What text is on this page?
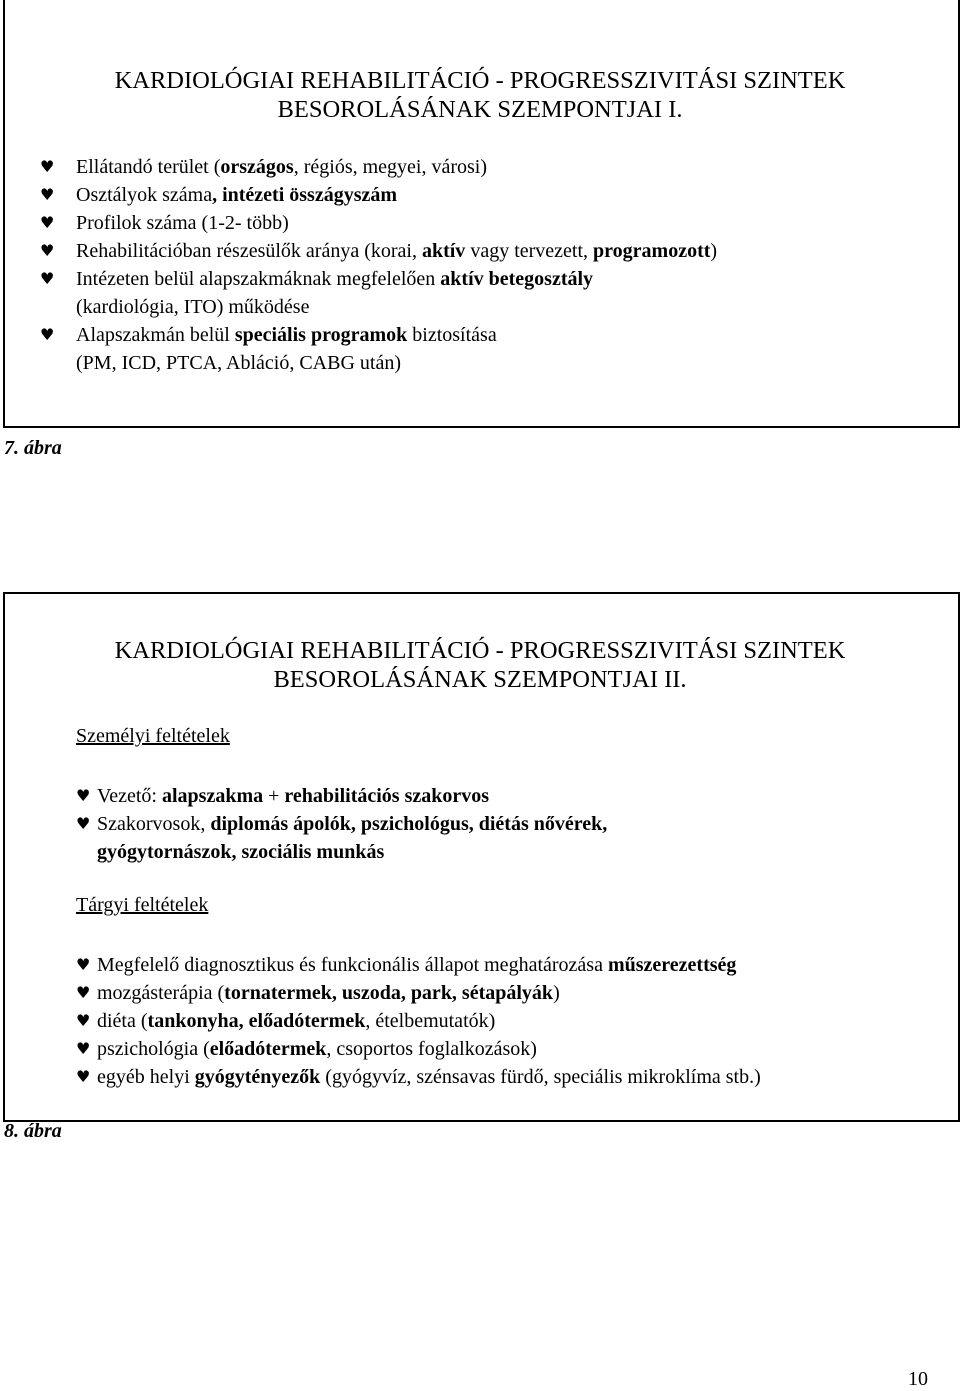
KARDIOLÓGIAI REHABILITÁCIÓ - PROGRESSZIVITÁSI SZINTEK
BESOROLÁSÁNAK SZEMPONTJAI I.
♥ Ellátandó terület (országos, régiós, megyei, városi)
♥ Osztályok száma, intézeti összágyszám
♥ Profilok száma (1-2- több)
♥ Rehabilitációban részesülők aránya (korai, aktív vagy tervezett, programozott)
♥ Intézeten belül alapszakmáknak megfelelően aktív betegosztály
(kardiológia, ITO) működése
♥ Alapszakmán belül speciális programok biztosítása
(PM, ICD, PTCA, Abláció, CABG után)
7. ábra
KARDIOLÓGIAI REHABILITÁCIÓ - PROGRESSZIVITÁSI SZINTEK
BESOROLÁSÁNAK SZEMPONTJAI II.
Személyi feltételek
♥ Vezető: alapszakma + rehabilitációs szakorvos
♥ Szakorvosok, diplomás ápolók, pszichológus, diétás nővérek,
gyógytornászok, szociális munkás
Tárgyi feltételek
♥ Megfelelő diagnosztikus és funkcionális állapot meghatározása műszerezettség
♥ mozgásterápia (tornatermek, uszoda, park, sétapályák)
♥ diéta (tankonyha, előadótermek, ételbemutatók)
♥ pszichológia (előadótermek, csoportos foglalkozások)
♥ egyéb helyi gyógytényezők (gyógyvíz, szénsavas fürdő, speciális mikroklíma stb.)
8. ábra
10
